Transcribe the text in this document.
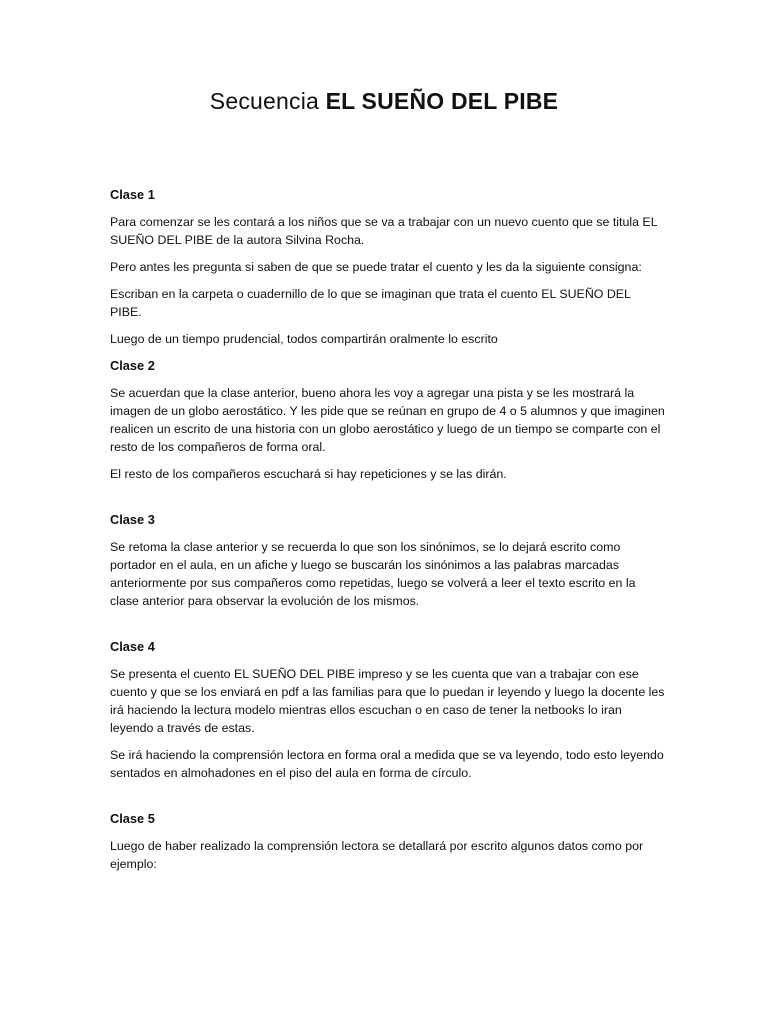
Secuencia EL SUEÑO DEL PIBE
Clase 1
Para comenzar se les contará a los niños que se va a trabajar con un nuevo cuento que se titula EL SUEÑO DEL PIBE de la autora Silvina Rocha.
Pero antes les pregunta si saben de que se puede tratar el cuento y les da la siguiente consigna:
Escriban en la carpeta o cuadernillo de lo que se imaginan que trata el cuento EL SUEÑO DEL PIBE.
Luego de un tiempo prudencial, todos compartirán oralmente lo escrito
Clase 2
Se acuerdan que la clase anterior, bueno ahora les voy a agregar una pista y se les mostrará la imagen de un globo aerostático. Y les pide que se reúnan en grupo de 4 o 5 alumnos y que imaginen realicen un escrito de una historia con un globo aerostático y luego de un tiempo se comparte con el resto de los compañeros de forma oral.
El resto de los compañeros escuchará si hay repeticiones y se las dirán.
Clase 3
Se retoma la clase anterior y se recuerda lo que son los sinónimos, se lo dejará escrito como portador en el aula, en un afiche y luego se buscarán los sinónimos a las palabras marcadas anteriormente por sus compañeros como repetidas, luego se volverá a leer el texto escrito en la clase anterior para observar la evolución de los mismos.
Clase 4
Se presenta el cuento EL SUEÑO DEL PIBE impreso y se les cuenta que van a trabajar con ese cuento y que se los enviará en pdf a las familias para que lo puedan ir leyendo y luego la docente les irá haciendo la lectura modelo mientras ellos escuchan o en caso de tener la netbooks lo iran leyendo a través de estas.
Se irá haciendo la comprensión lectora en forma oral a medida que se va leyendo, todo esto leyendo sentados en almohadones en el piso del aula en forma de círculo.
Clase 5
Luego de haber realizado la comprensión lectora se detallará por escrito algunos datos como por ejemplo:
